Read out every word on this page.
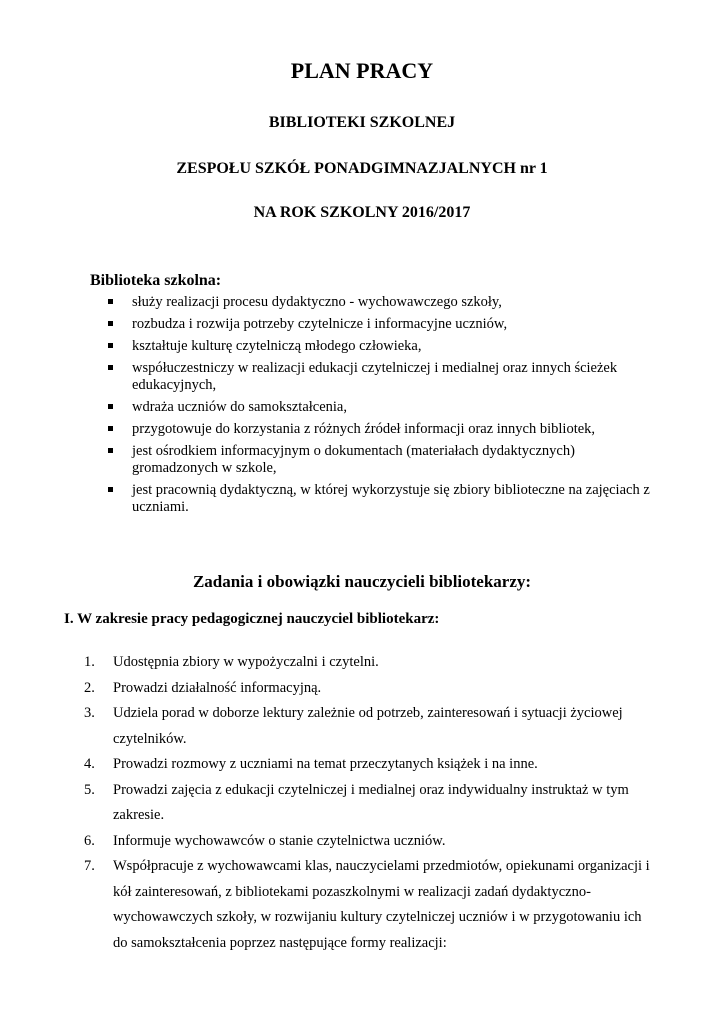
PLAN PRACY
BIBLIOTEKI SZKOLNEJ
ZESPOŁU SZKÓŁ PONADGIMNAZJALNYCH nr 1
NA ROK SZKOLNY 2016/2017
Biblioteka szkolna:
służy realizacji procesu dydaktyczno - wychowawczego szkoły,
rozbudza i rozwija potrzeby czytelnicze i informacyjne uczniów,
kształtuje kulturę czytelniczą młodego człowieka,
współuczestniczy w realizacji edukacji czytelniczej i medialnej oraz innych ścieżek edukacyjnych,
wdraża uczniów do samokształcenia,
przygotowuje do korzystania z różnych źródeł informacji oraz innych bibliotek,
jest ośrodkiem informacyjnym o dokumentach (materiałach dydaktycznych) gromadzonych w szkole,
jest pracownią dydaktyczną, w której wykorzystuje się zbiory biblioteczne na zajęciach z uczniami.
Zadania i obowiązki nauczycieli bibliotekarzy:
I. W zakresie pracy pedagogicznej nauczyciel bibliotekarz:
1. Udostępnia zbiory w wypożyczalni i czytelni.
2. Prowadzi działalność informacyjną.
3. Udziela porad w doborze lektury zależnie od potrzeb, zainteresowań i sytuacji życiowej czytelników.
4. Prowadzi rozmowy z uczniami na temat przeczytanych książek i na inne.
5. Prowadzi zajęcia z edukacji czytelniczej i medialnej oraz indywidualny instruktaż w tym zakresie.
6. Informuje wychowawców o stanie czytelnictwa uczniów.
7. Współpracuje z wychowawcami klas, nauczycielami przedmiotów, opiekunami organizacji i kół zainteresowań, z bibliotekami pozaszkolnymi w realizacji zadań dydaktyczno-wychowawczych szkoły, w rozwijaniu kultury czytelniczej uczniów i w przygotowaniu ich do samokształcenia poprzez następujące formy realizacji:
